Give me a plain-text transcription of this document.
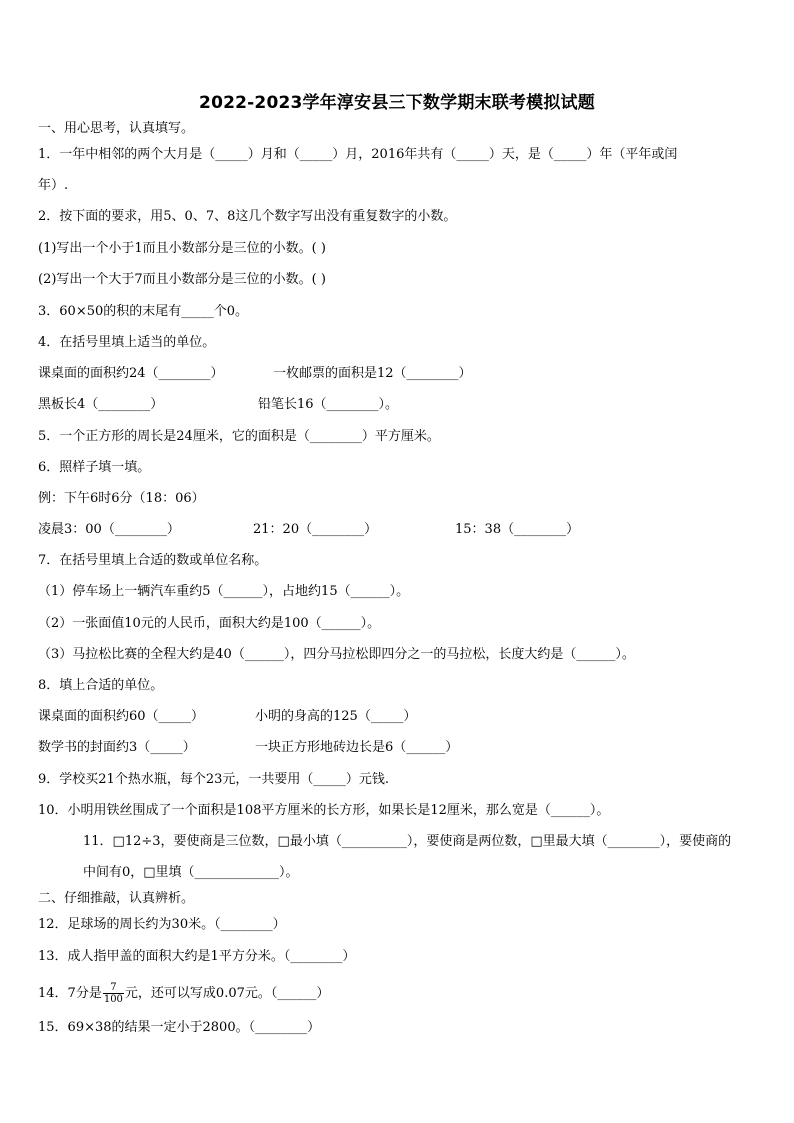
2022-2023学年淳安县三下数学期末联考模拟试题
一、用心思考，认真填写。
1．一年中相邻的两个大月是（_____）月和（_____）月，2016年共有（_____）天，是（_____）年（平年或闰
年）.
2．按下面的要求，用5、0、7、8这几个数字写出没有重复数字的小数。
(1)写出一个小于1而且小数部分是三位的小数。( )
(2)写出一个大于7而且小数部分是三位的小数。( )
3．60×50的积的末尾有_____个0。
4．在括号里填上适当的单位。
课桌面的面积约24（________）	一枚邮票的面积是12（________）
黑板长4（________）	铅笔长16（________）。
5．一个正方形的周长是24厘米，它的面积是（________）平方厘米。
6．照样子填一填。
例：下午6时6分（18：06）
凌晨3：00（________）	21：20（________）	15：38（________）
7．在括号里填上合适的数或单位名称。
（1）停车场上一辆汽车重约5（______），占地约15（______）。
（2）一张面值10元的人民币，面积大约是100（______）。
（3）马拉松比赛的全程大约是40（______），四分马拉松即四分之一的马拉松，长度大约是（______）。
8．填上合适的单位。
课桌面的面积约60（_____）	小明的身高的125（_____）
数学书的封面约3（_____）	一块正方形地砖边长是6（______）
9．学校买21个热水瓶，每个23元，一共要用（_____）元钱.
10．小明用铁丝围成了一个面积是108平方厘米的长方形，如果长是12厘米，那么宽是（______）。
11．□12÷3，要使商是三位数，□最小填（__________），要使商是两位数，□里最大填（________），要使商的
中间有0，□里填（_____________）。
二、仔细推敲，认真辨析。
12．足球场的周长约为30米。（________）
13．成人指甲盖的面积大约是1平方分米。（________）
14．7分是 $\frac{7}{100}$ 元，还可以写成0.07元。（______）
15．69×38的结果一定小于2800。（________）
